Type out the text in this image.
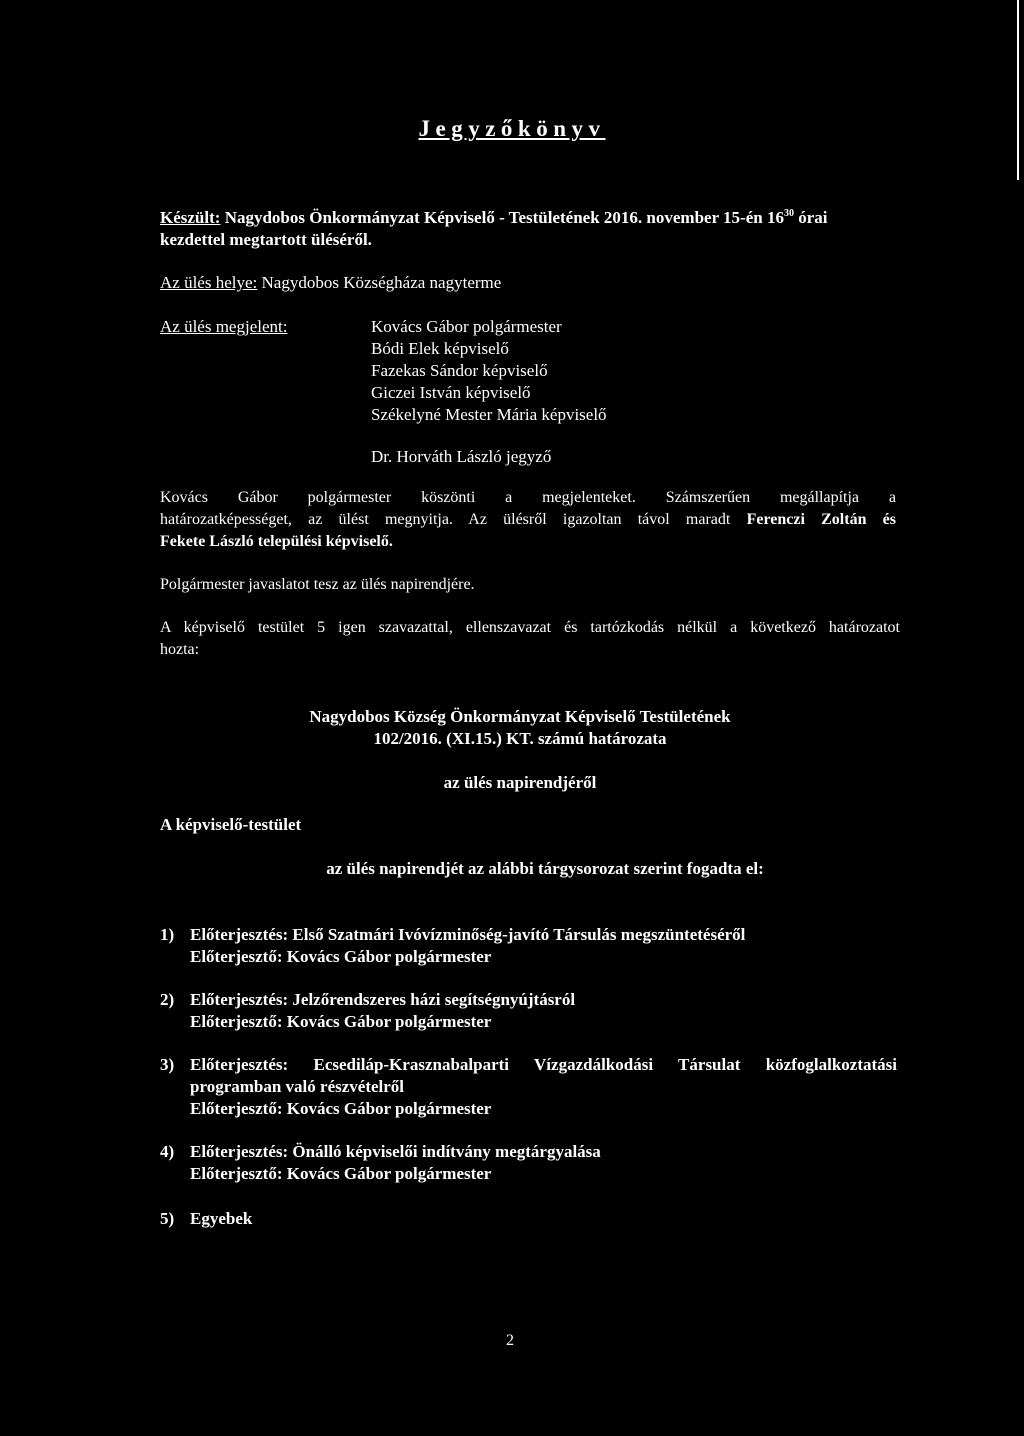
Jegyzőkönyv
Készült: Nagydobos Önkormányzat Képviselő - Testületének 2016. november 15-én $16^{30}$ órai
kezdettel megtartott üléséről.
Az ülés helye: Nagydobos Községháza nagyterme
Az ülés megjelent:	Kovács Gábor polgármester
Bódi Elek képviselő
Fazekas Sándor képviselő
Giczei István képviselő
Székelyné Mester Mária képviselő
Dr. Horváth László jegyző
Kovács Gábor polgármester köszönti a megjelenteket. Számszerűen megállapítja a
határozatképességet, az ülést megnyitja. Az ülésről igazoltan távol maradt Ferenczi Zoltán és
Fekete László települési képviselő.
Polgármester javaslatot tesz az ülés napirendjére.
A képviselő testület 5 igen szavazattal, ellenszavazat és tartózkodás nélkül a következő határozatot
hozta:
Nagydobos Község Önkormányzat Képviselő Testületének
102/2016. (XI.15.) KT. számú határozata
az ülés napirendjéről
A képviselő-testület
az ülés napirendjét az alábbi tárgysorozat szerint fogadta el:
1) Előterjesztés: Első Szatmári Ivóvízminőség-javító Társulás megszüntetéséről
Előterjesztő: Kovács Gábor polgármester
2) Előterjesztés: Jelzőrendszeres házi segítségnyújtásról
Előterjesztő: Kovács Gábor polgármester
3) Előterjesztés: Ecsediláp-Krasznabalparti Vízgazdálkodási Társulat közfoglalkoztatási
programban való részvételről
Előterjesztő: Kovács Gábor polgármester
4) Előterjesztés: Önálló képviselői indítvány megtárgyalása
Előterjesztő: Kovács Gábor polgármester
5) Egyebek
2
